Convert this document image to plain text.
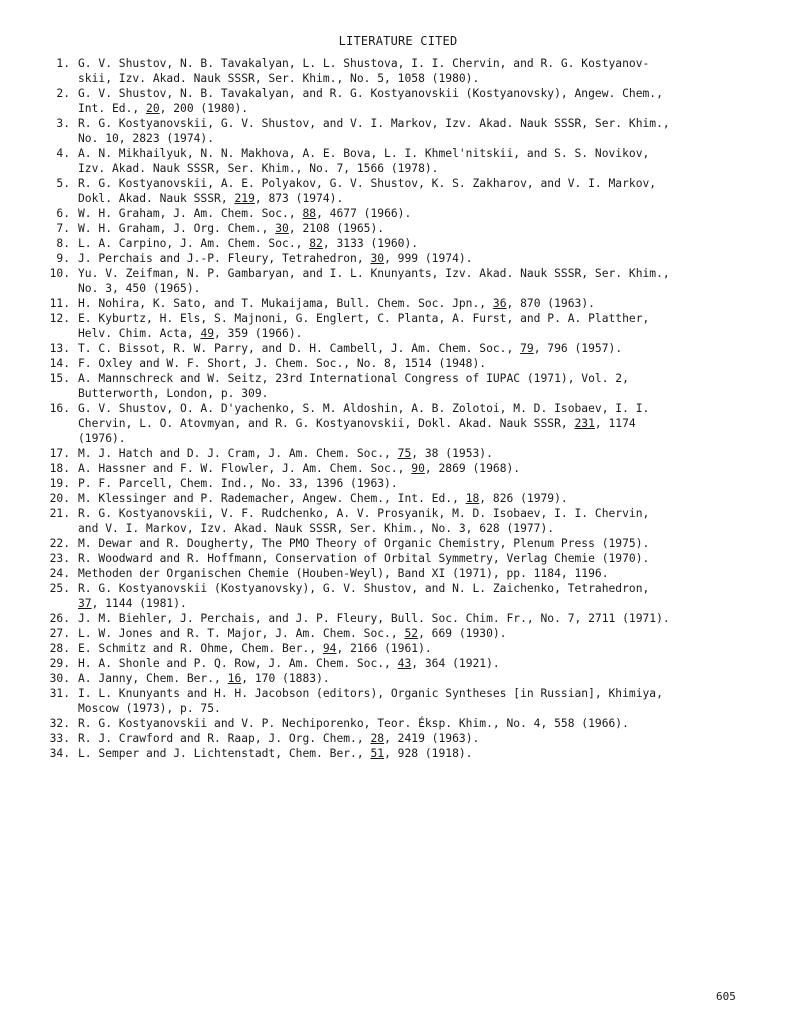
LITERATURE CITED
1. G. V. Shustov, N. B. Tavakalyan, L. L. Shustova, I. I. Chervin, and R. G. Kostyanov-
skii, Izv. Akad. Nauk SSSR, Ser. Khim., No. 5, 1058 (1980).
2. G. V. Shustov, N. B. Tavakalyan, and R. G. Kostyanovskii (Kostyanovsky), Angew. Chem.,
Int. Ed., 20, 200 (1980).
3. R. G. Kostyanovskii, G. V. Shustov, and V. I. Markov, Izv. Akad. Nauk SSSR, Ser. Khim.,
No. 10, 2823 (1974).
4. A. N. Mikhailyuk, N. N. Makhova, A. E. Bova, L. I. Khmel'nitskii, and S. S. Novikov,
Izv. Akad. Nauk SSSR, Ser. Khim., No. 7, 1566 (1978).
5. R. G. Kostyanovskii, A. E. Polyakov, G. V. Shustov, K. S. Zakharov, and V. I. Markov,
Dokl. Akad. Nauk SSSR, 219, 873 (1974).
6. W. H. Graham, J. Am. Chem. Soc., 88, 4677 (1966).
7. W. H. Graham, J. Org. Chem., 30, 2108 (1965).
8. L. A. Carpino, J. Am. Chem. Soc., 82, 3133 (1960).
9. J. Perchais and J.-P. Fleury, Tetrahedron, 30, 999 (1974).
10. Yu. V. Zeifman, N. P. Gambaryan, and I. L. Knunyants, Izv. Akad. Nauk SSSR, Ser. Khim.,
No. 3, 450 (1965).
11. H. Nohira, K. Sato, and T. Mukaijama, Bull. Chem. Soc. Jpn., 36, 870 (1963).
12. E. Kyburtz, H. Els, S. Majnoni, G. Englert, C. Planta, A. Furst, and P. A. Platther,
Helv. Chim. Acta, 49, 359 (1966).
13. T. C. Bissot, R. W. Parry, and D. H. Cambell, J. Am. Chem. Soc., 79, 796 (1957).
14. F. Oxley and W. F. Short, J. Chem. Soc., No. 8, 1514 (1948).
15. A. Mannschreck and W. Seitz, 23rd International Congress of IUPAC (1971), Vol. 2,
Butterworth, London, p. 309.
16. G. V. Shustov, O. A. D'yachenko, S. M. Aldoshin, A. B. Zolotoi, M. D. Isobaev, I. I.
Chervin, L. O. Atovmyan, and R. G. Kostyanovskii, Dokl. Akad. Nauk SSSR, 231, 1174
(1976).
17. M. J. Hatch and D. J. Cram, J. Am. Chem. Soc., 75, 38 (1953).
18. A. Hassner and F. W. Flowler, J. Am. Chem. Soc., 90, 2869 (1968).
19. P. F. Parcell, Chem. Ind., No. 33, 1396 (1963).
20. M. Klessinger and P. Rademacher, Angew. Chem., Int. Ed., 18, 826 (1979).
21. R. G. Kostyanovskii, V. F. Rudchenko, A. V. Prosyanik, M. D. Isobaev, I. I. Chervin,
and V. I. Markov, Izv. Akad. Nauk SSSR, Ser. Khim., No. 3, 628 (1977).
22. M. Dewar and R. Dougherty, The PMO Theory of Organic Chemistry, Plenum Press (1975).
23. R. Woodward and R. Hoffmann, Conservation of Orbital Symmetry, Verlag Chemie (1970).
24. Methoden der Organischen Chemie (Houben-Weyl), Band XI (1971), pp. 1184, 1196.
25. R. G. Kostyanovskii (Kostyanovsky), G. V. Shustov, and N. L. Zaichenko, Tetrahedron,
37, 1144 (1981).
26. J. M. Biehler, J. Perchais, and J. P. Fleury, Bull. Soc. Chim. Fr., No. 7, 2711 (1971).
27. L. W. Jones and R. T. Major, J. Am. Chem. Soc., 52, 669 (1930).
28. E. Schmitz and R. Ohme, Chem. Ber., 94, 2166 (1961).
29. H. A. Shonle and P. Q. Row, J. Am. Chem. Soc., 43, 364 (1921).
30. A. Janny, Chem. Ber., 16, 170 (1883).
31. I. L. Knunyants and H. H. Jacobson (editors), Organic Syntheses [in Russian], Khimiya,
Moscow (1973), p. 75.
32. R. G. Kostyanovskii and V. P. Nechiporenko, Teor. Éksp. Khim., No. 4, 558 (1966).
33. R. J. Crawford and R. Raap, J. Org. Chem., 28, 2419 (1963).
34. L. Semper and J. Lichtenstadt, Chem. Ber., 51, 928 (1918).
605
